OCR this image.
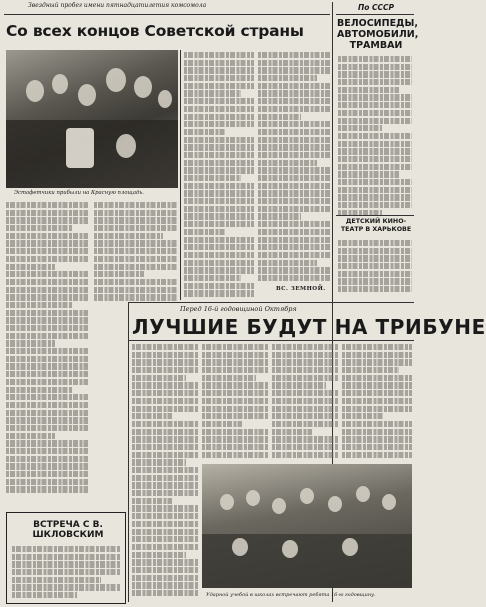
Звездный пробег имени пятнадцатилетия комсомола
Со всех концов Советской страны
Эстафетчики прибыли на Красную площадь.
ВС. ЗЕМНОЙ.
По СССР
ВЕЛОСИПЕДЫ, АВТОМОБИЛИ, ТРАМВАИ
ДЕТСКИЙ КИНО-ТЕАТР В ХАРЬКОВЕ
Перед 16-й годовщиной Октября
ЛУЧШИЕ БУДУТ НА ТРИБУНЕ
Ударной учебой в школах встречают ребята 16-ю годовщину.
ВСТРЕЧА С В. ШКЛОВСКИМ
